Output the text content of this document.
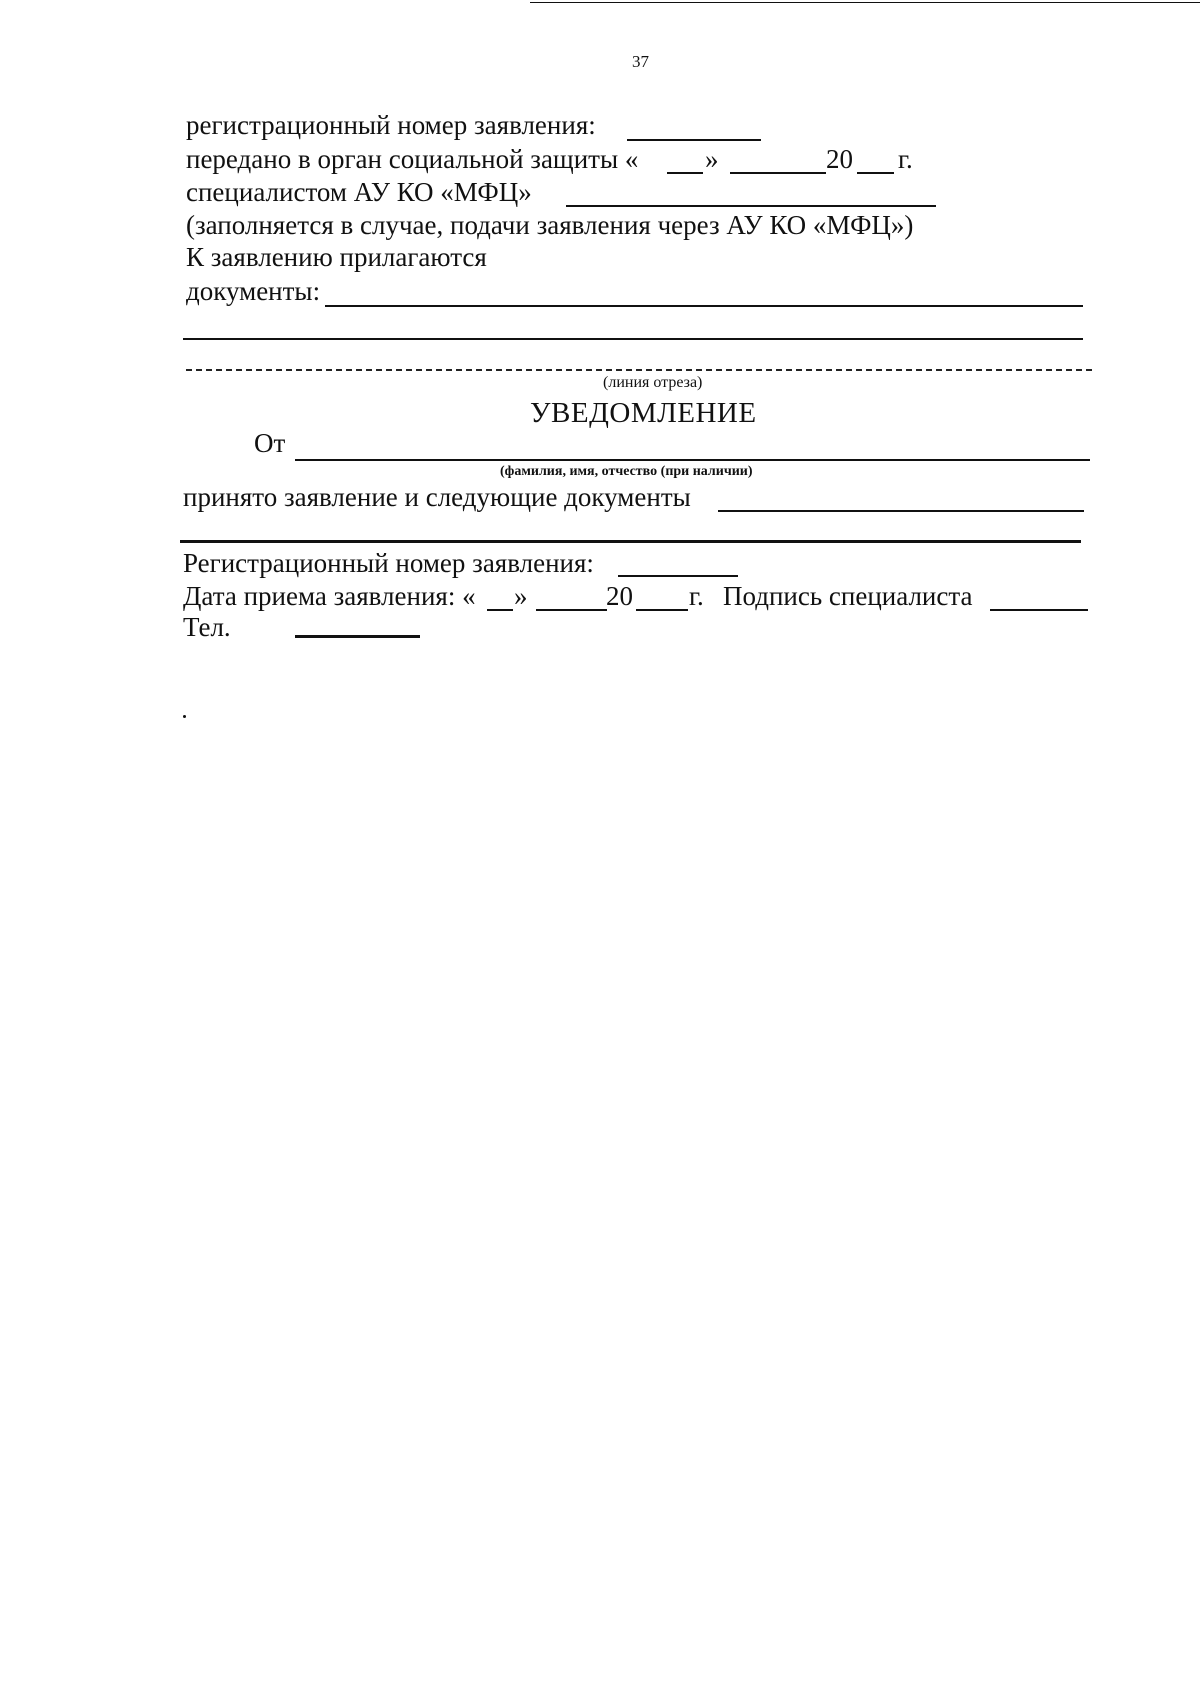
37
регистрационный номер заявления:
передано в орган социальной защиты « »	20 г.
специалистом АУ КО «МФЦ»
(заполняется в случае, подачи заявления через АУ КО «МФЦ»)
К заявлению прилагаются
документы:
(линия отреза)
УВЕДОМЛЕНИЕ
От
(фамилия, имя, отчество (при наличии)
принято заявление и следующие документы
Регистрационный номер заявления:
Дата приема заявления: « »	20 г. Подпись специалиста
Тел.
